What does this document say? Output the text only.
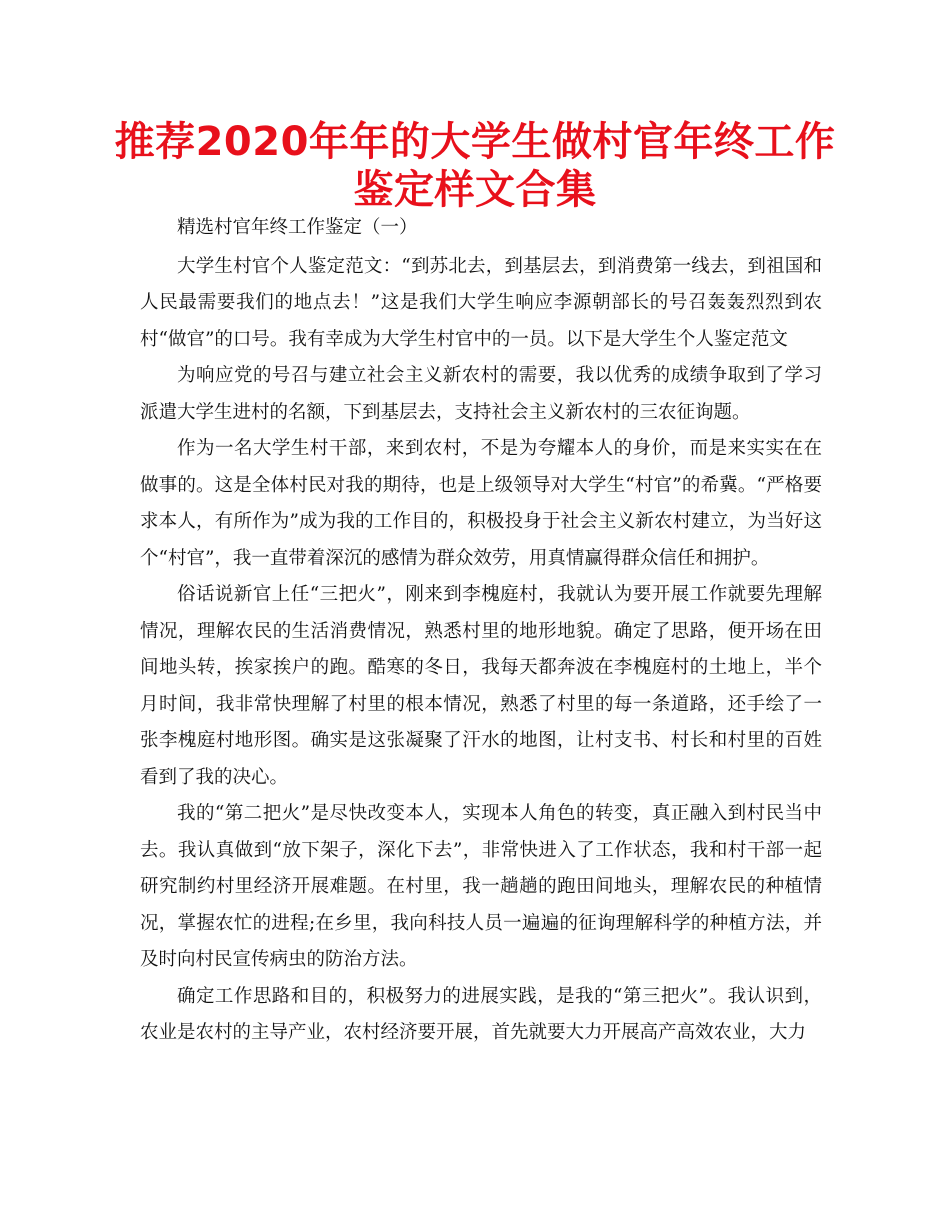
推荐2020年年的大学生做村官年终工作鉴定样文合集

精选村官年终工作鉴定（一）

大学生村官个人鉴定范文：“到苏北去，到基层去，到消费第一线去，到祖国和人民最需要我们的地点去！”这是我们大学生响应李源朝部长的号召轰轰烈烈到农村“做官”的口号。我有幸成为大学生村官中的一员。以下是大学生个人鉴定范文

为响应党的号召与建立社会主义新农村的需要，我以优秀的成绩争取到了学习派遣大学生进村的名额，下到基层去，支持社会主义新农村的三农征询题。

作为一名大学生村干部，来到农村，不是为夸耀本人的身价，而是来实实在在做事的。这是全体村民对我的期待，也是上级领导对大学生“村官”的希冀。“严格要求本人，有所作为”成为我的工作目的，积极投身于社会主义新农村建立，为当好这个“村官”，我一直带着深沉的感情为群众效劳，用真情赢得群众信任和拥护。

俗话说新官上任“三把火”，刚来到李槐庭村，我就认为要开展工作就要先理解情况，理解农民的生活消费情况，熟悉村里的地形地貌。确定了思路，便开场在田间地头转，挨家挨户的跑。酷寒的冬日，我每天都奔波在李槐庭村的土地上，半个月时间，我非常快理解了村里的根本情况，熟悉了村里的每一条道路，还手绘了一张李槐庭村地形图。确实是这张凝聚了汗水的地图，让村支书、村长和村里的百姓看到了我的决心。

我的“第二把火”是尽快改变本人，实现本人角色的转变，真正融入到村民当中去。我认真做到“放下架子，深化下去”，非常快进入了工作状态，我和村干部一起研究制约村里经济开展难题。在村里，我一趟趟的跑田间地头，理解农民的种植情况，掌握农忙的进程;在乡里，我向科技人员一遍遍的征询理解科学的种植方法，并及时向村民宣传病虫的防治方法。

确定工作思路和目的，积极努力的进展实践，是我的“第三把火”。我认识到，农业是农村的主导产业，农村经济要开展，首先就要大力开展高产高效农业，大力
